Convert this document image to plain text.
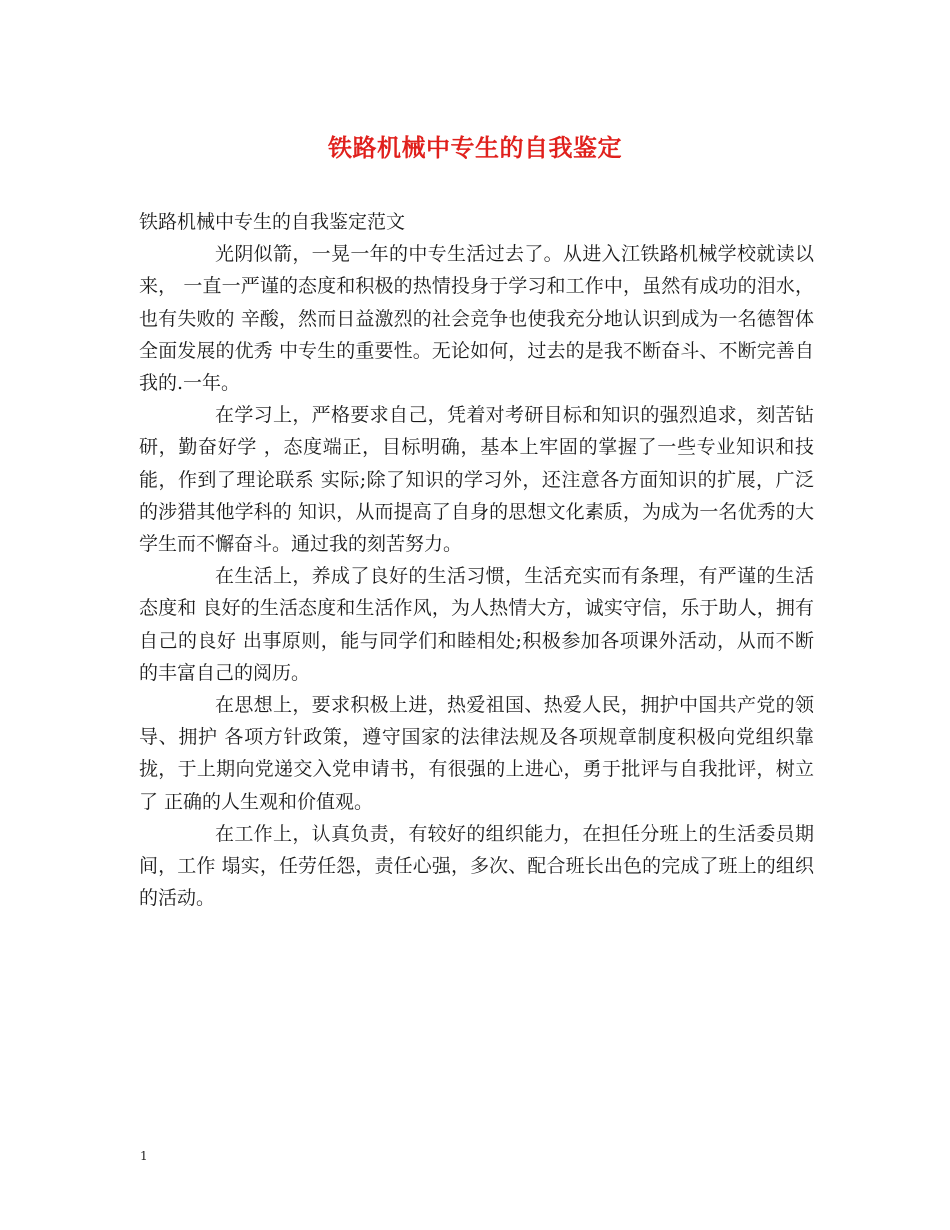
铁路机械中专生的自我鉴定

铁路机械中专生的自我鉴定范文

光阴似箭，一晃一年的中专生活过去了。从进入江铁路机械学校就读以来， 一直一严谨的态度和积极的热情投身于学习和工作中，虽然有成功的泪水，也有失败的 辛酸，然而日益激烈的社会竞争也使我充分地认识到成为一名德智体全面发展的优秀 中专生的重要性。无论如何，过去的是我不断奋斗、不断完善自我的.一年。

在学习上，严格要求自己，凭着对考研目标和知识的强烈追求，刻苦钻研，勤奋好学 ，态度端正，目标明确，基本上牢固的掌握了一些专业知识和技能，作到了理论联系 实际;除了知识的学习外，还注意各方面知识的扩展，广泛的涉猎其他学科的 知识，从而提高了自身的思想文化素质，为成为一名优秀的大学生而不懈奋斗。通过我的刻苦努力。

在生活上，养成了良好的生活习惯，生活充实而有条理，有严谨的生活态度和 良好的生活态度和生活作风，为人热情大方，诚实守信，乐于助人，拥有自己的良好 出事原则，能与同学们和睦相处;积极参加各项课外活动，从而不断的丰富自己的阅历。

在思想上，要求积极上进，热爱祖国、热爱人民，拥护中国共产党的领导、拥护 各项方针政策，遵守国家的法律法规及各项规章制度积极向党组织靠拢，于上期向党递交入党申请书，有很强的上进心，勇于批评与自我批评，树立了 正确的人生观和价值观。

在工作上，认真负责，有较好的组织能力，在担任分班上的生活委员期间，工作 塌实，任劳任怨，责任心强，多次、配合班长出色的完成了班上的组织的活动。

1
